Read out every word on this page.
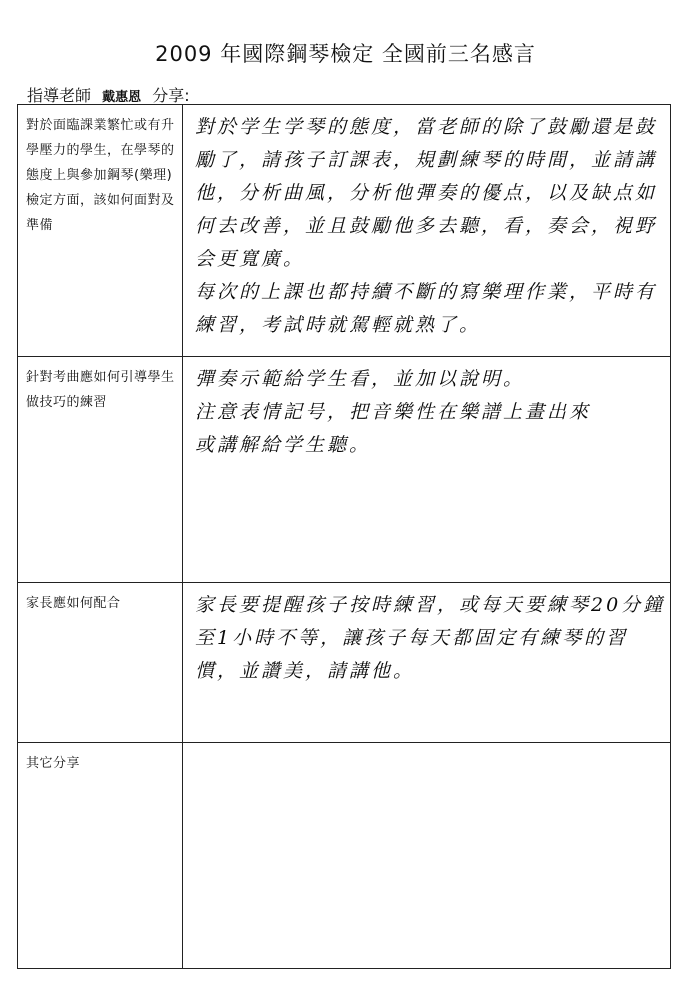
2009 年國際鋼琴檢定 全國前三名感言
指導老師 戴惠恩 分享:
對於面臨課業繁忙或有升學壓力的學生，在學琴的態度上與參加鋼琴(樂理)檢定方面，該如何面對及準備	對於学生学琴的態度，當老師的除了鼓勵還是鼓勵了，請孩子訂課表，規劃練琴的時間，並請講他，分析曲風，分析他彈奏的優点，以及缺点如何去改善，並且鼓勵他多去聽，看，奏会，視野会更寬廣。

每次的上課也都持續不斷的寫樂理作業，平時有練習，考試時就駕輕就熟了。

針對考曲應如何引導學生做技巧的練習	彈奏示範給学生看，並加以說明。

注意表情記号，把音樂性在樂譜上畫出來

或講解給学生聽。

家長應如何配合	家長要提醒孩子按時練習，或每天要練琴20分鐘至1小時不等，讓孩子每天都固定有練琴的習慣，並讚美，請講他。

其它分享	
